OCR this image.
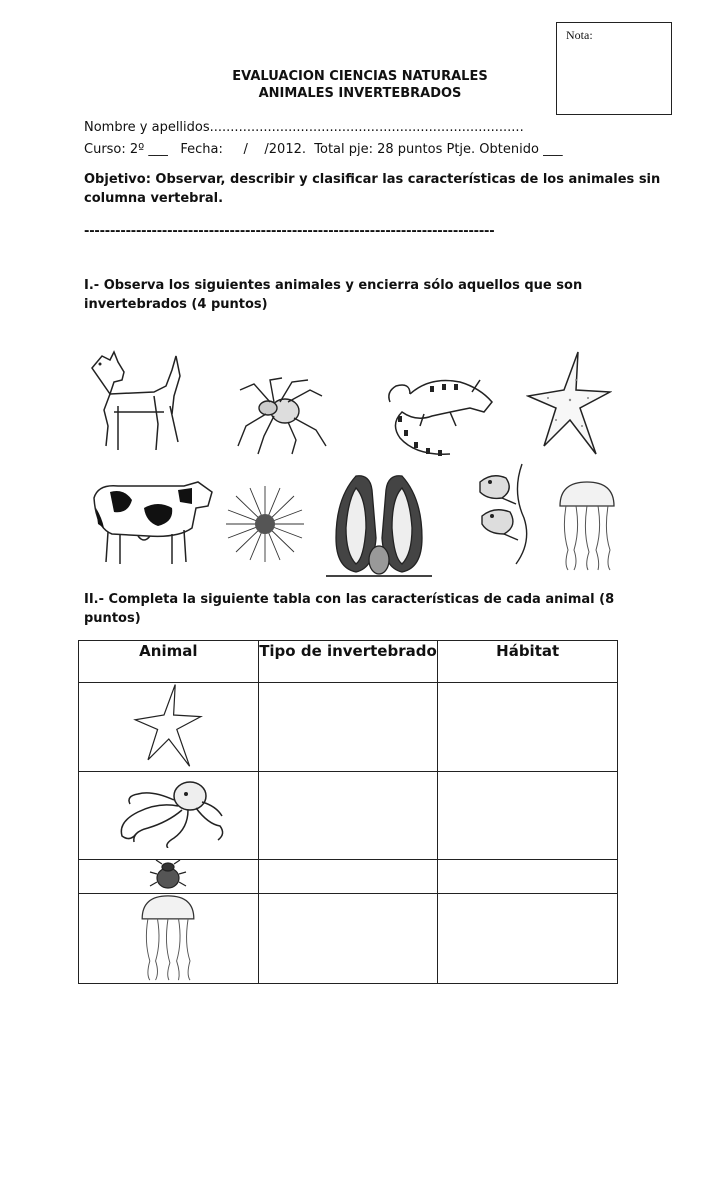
Nota:
EVALUACION CIENCIAS NATURALES
ANIMALES INVERTEBRADOS
Nombre y apellidos............................................................................
Curso: 2º ___   Fecha:     /    /2012.  Total pje: 28 puntos Ptje. Obtenido ___
Objetivo: Observar, describir y clasificar las características de los animales sin columna vertebral.
-------------------------------------------------------------------------------
I.- Observa los siguientes animales y encierra sólo aquellos que son invertebrados (4 puntos)
II.- Completa la siguiente tabla con las características de cada animal (8 puntos)
Animal	Tipo de invertebrado	Hábitat
